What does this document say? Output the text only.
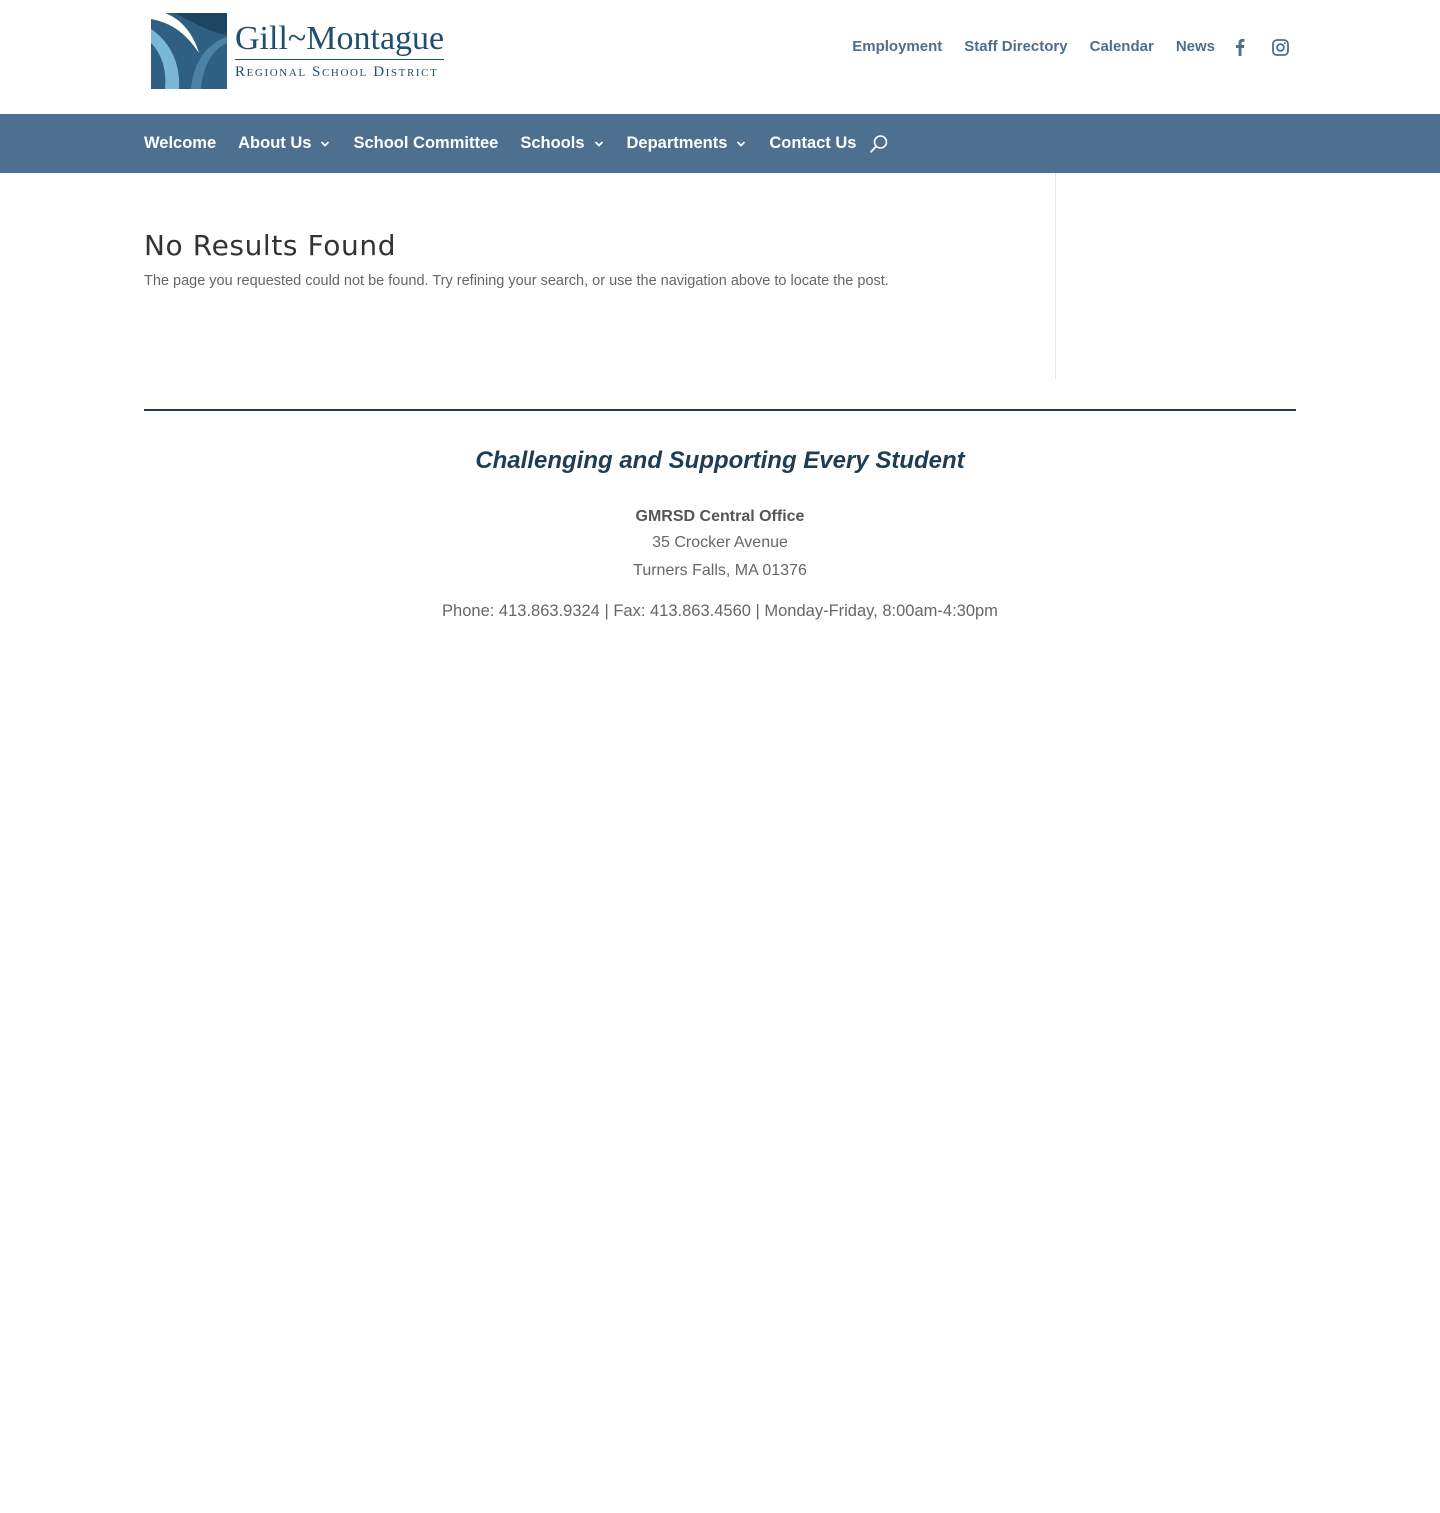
Gill~Montague
Regional School District
Employment Staff Directory Calendar News
Welcome About Us	School Committee Schools	Departments	Contact Us
No Results Found

The page you requested could not be found. Try refining your search, or use the navigation above to locate the post.

Challenging and Supporting Every Student
GMRSD Central Office
35 Crocker Avenue
Turners Falls, MA 01376
Phone: 413.863.9324 | Fax: 413.863.4560 | Monday-Friday, 8:00am-4:30pm
